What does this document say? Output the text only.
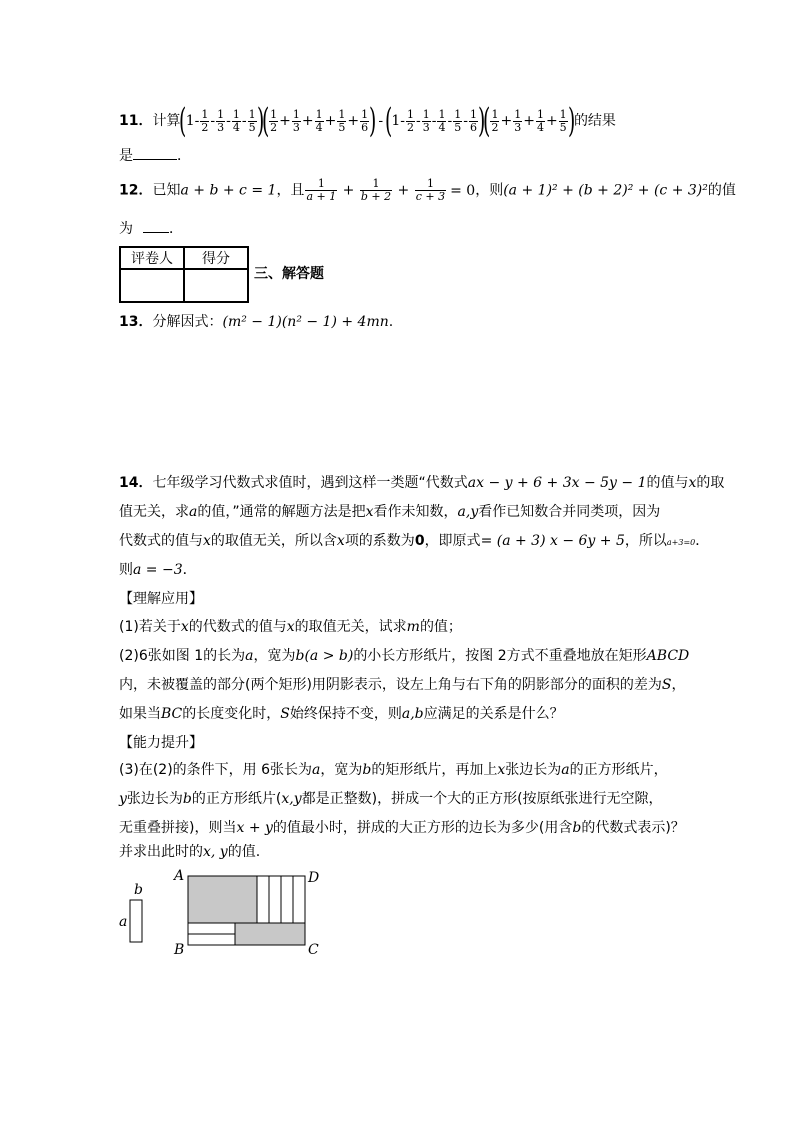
11．计算($1- \frac{1}{2} - \frac{1}{3} - \frac{1}{4} - \frac{1}{5}$ )( $\frac{1}{2} + \frac{1}{3} + \frac{1}{4} + \frac{1}{5} + \frac{1}{6}$ ) $-(1- \frac{1}{2} - \frac{1}{3} - \frac{1}{4} - \frac{1}{5} - \frac{1}{6}$ )( $\frac{1}{2} + \frac{1}{3} + \frac{1}{4} + \frac{1}{5}$ )的结果
是	．
12．已知a + b + c = 1，且 $\frac{1}{a + 1} + \frac{1}{b + 2} + \frac{1}{c + 3} = 0$，则(a + 1)² + (b + 2)² + (c + 3)²的值
为	．
评卷人	得分

三、解答题
13．分解因式：(m² − 1)(n² − 1) + 4mn.
14．七年级学习代数式求值时，遇到这样一类题“代数式ax − y + 6 + 3x − 5y − 1的值与x的取
值无关，求a的值，”通常的解题方法是把x看作未知数，a,y看作已知数合并同类项，因为
代数式的值与x的取值无关，所以含x项的系数为0，即原式= (a + 3) x − 6y + 5，所以a+3=0．
则a = −3．
【理解应用】
(1)若关于x的代数式的值与x的取值无关，试求m的值；
(2)6张如图 1的长为a，宽为b(a > b)的小长方形纸片，按图 2方式不重叠地放在矩形ABCD
内，未被覆盖的部分(两个矩形)用阴影表示，设左上角与右下角的阴影部分的面积的差为S，
如果当BC的长度变化时，S始终保持不变，则a,b应满足的关系是什么？
【能力提升】
(3)在(2)的条件下，用 6张长为a，宽为b的矩形纸片，再加上x张边长为a的正方形纸片，
y张边长为b的正方形纸片(x,y都是正整数)，拼成一个大的正方形(按原纸张进行无空隙，
无重叠拼接)，则当x + y的值最小时，拼成的大正方形的边长为多少(用含b的代数式表示)？
并求出此时的x, y的值.
b
a
A	D
B	C
